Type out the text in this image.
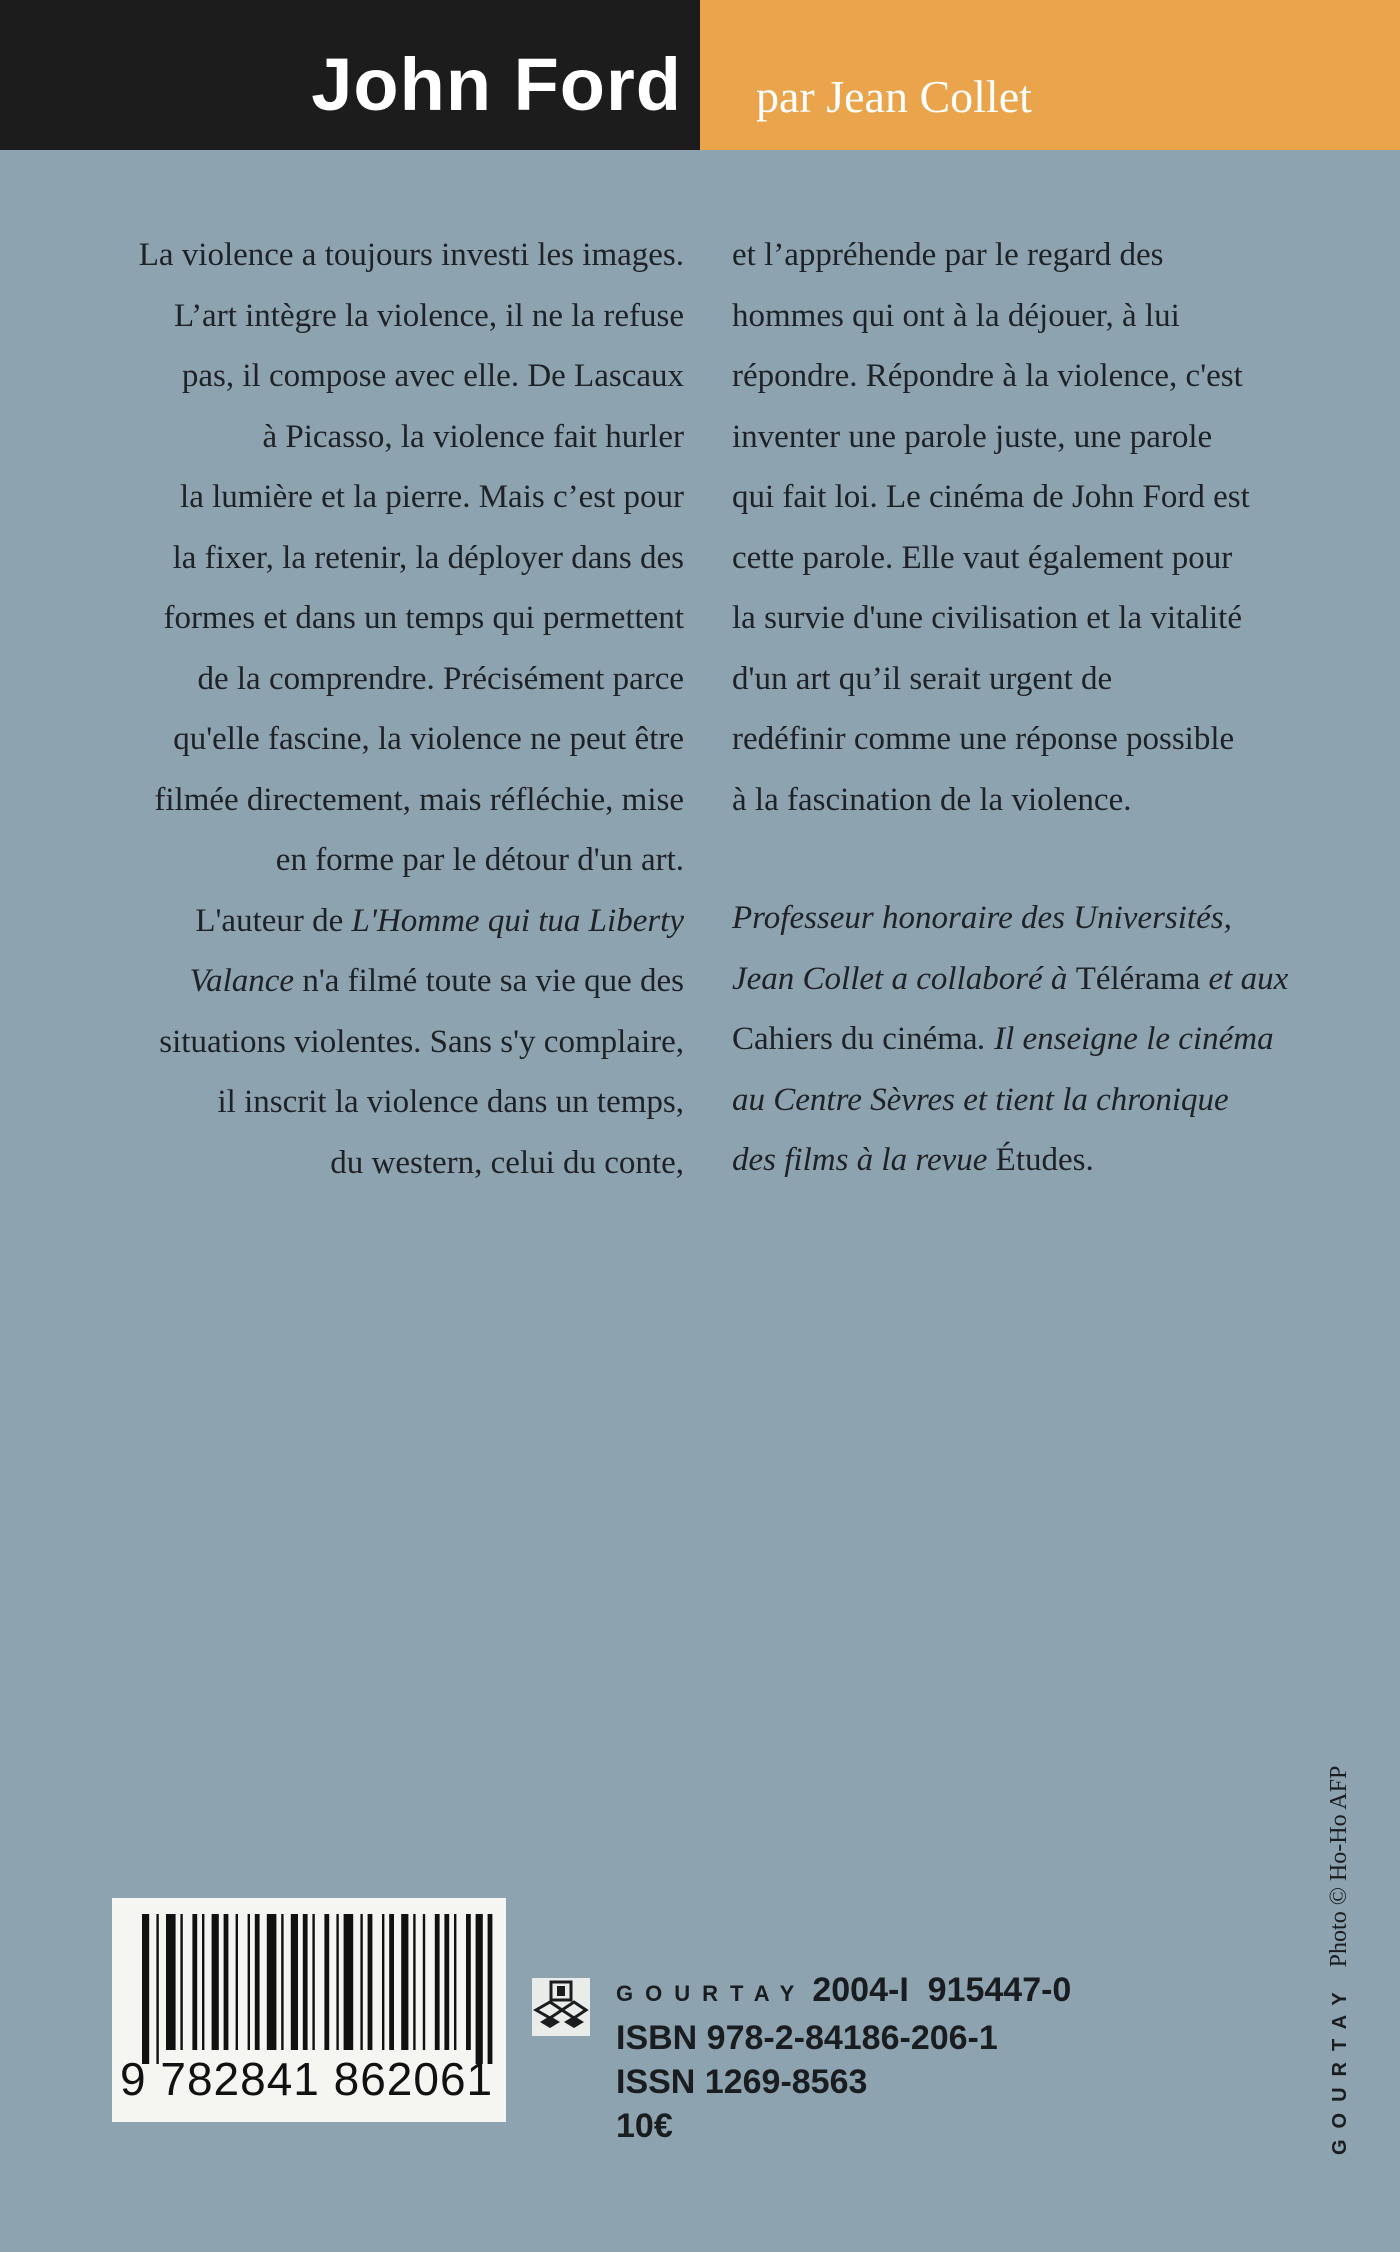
John Ford par Jean Collet
La violence a toujours investi les images.
L’art intègre la violence, il ne la refuse
pas, il compose avec elle. De Lascaux
à Picasso, la violence fait hurler
la lumière et la pierre. Mais c’est pour
la fixer, la retenir, la déployer dans des
formes et dans un temps qui permettent
de la comprendre. Précisément parce
qu'elle fascine, la violence ne peut être
filmée directement, mais réfléchie, mise
en forme par le détour d'un art.
L'auteur de L'Homme qui tua Liberty
Valance n'a filmé toute sa vie que des
situations violentes. Sans s'y complaire,
il inscrit la violence dans un temps,
du western, celui du conte,
et l’appréhende par le regard des
hommes qui ont à la déjouer, à lui
répondre. Répondre à la violence, c'est
inventer une parole juste, une parole
qui fait loi. Le cinéma de John Ford est
cette parole. Elle vaut également pour
la survie d'une civilisation et la vitalité
d'un art qu’il serait urgent de
redéfinir comme une réponse possible
à la fascination de la violence.
Professeur honoraire des Universités,
Jean Collet a collaboré à Télérama et aux
Cahiers du cinéma. Il enseigne le cinéma
au Centre Sèvres et tient la chronique
des films à la revue Études.
9 782841 862061
GOURTAY 2004-I  915447-0
ISBN 978-2-84186-206-1
ISSN 1269-8563
10€	GOURTAYPhoto © Ho-Ho AFP
